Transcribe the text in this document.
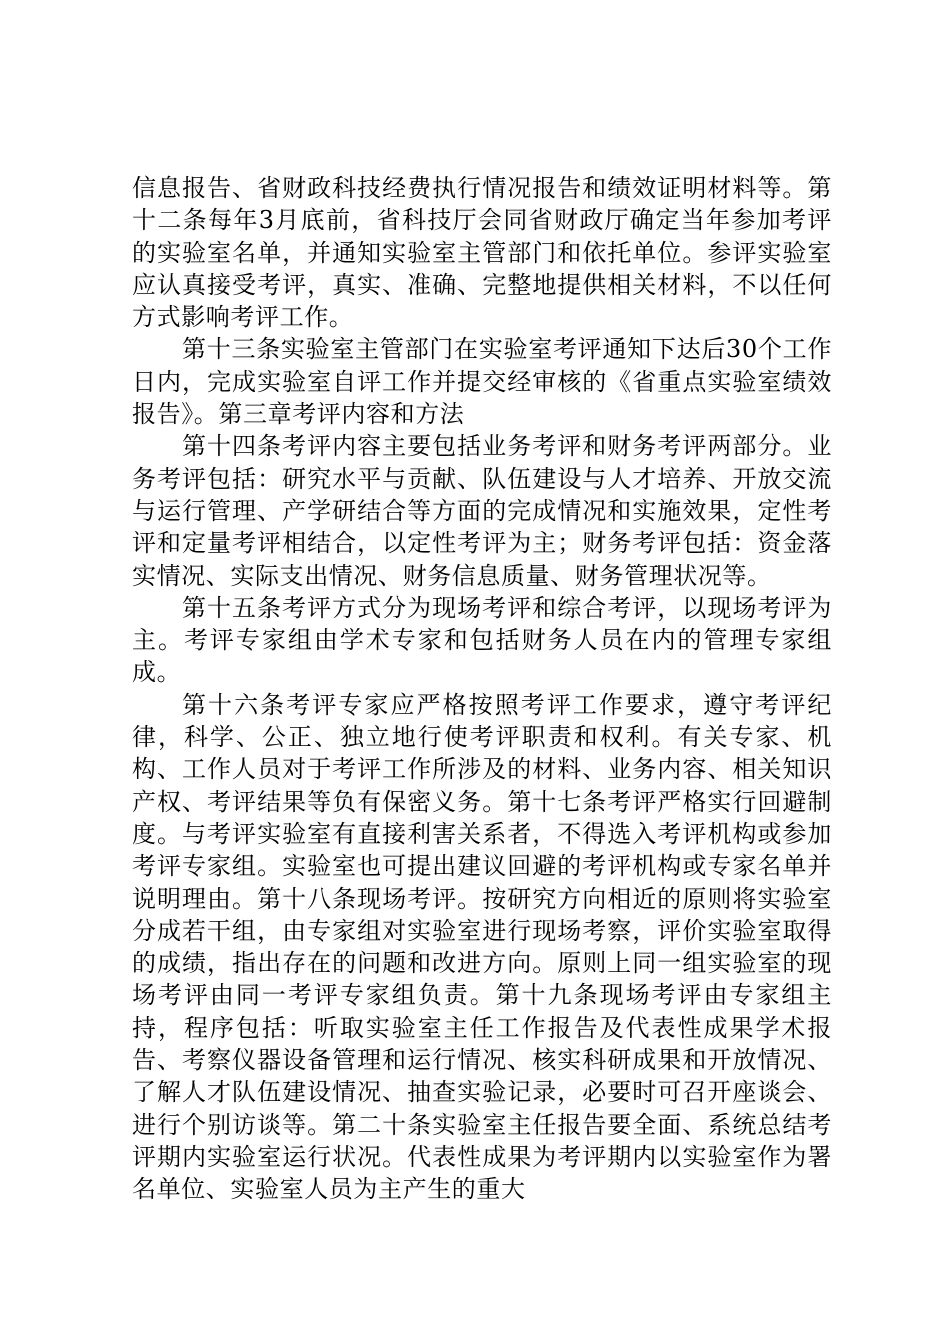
信息报告、省财政科技经费执行情况报告和绩效证明材料等。第十二条每年3月底前，省科技厅会同省财政厅确定当年参加考评的实验室名单，并通知实验室主管部门和依托单位。参评实验室应认真接受考评，真实、准确、完整地提供相关材料，不以任何方式影响考评工作。

第十三条实验室主管部门在实验室考评通知下达后30个工作日内，完成实验室自评工作并提交经审核的《省重点实验室绩效报告》。第三章考评内容和方法

第十四条考评内容主要包括业务考评和财务考评两部分。业务考评包括：研究水平与贡献、队伍建设与人才培养、开放交流与运行管理、产学研结合等方面的完成情况和实施效果，定性考评和定量考评相结合，以定性考评为主；财务考评包括：资金落实情况、实际支出情况、财务信息质量、财务管理状况等。

第十五条考评方式分为现场考评和综合考评，以现场考评为主。考评专家组由学术专家和包括财务人员在内的管理专家组成。

第十六条考评专家应严格按照考评工作要求，遵守考评纪律，科学、公正、独立地行使考评职责和权利。有关专家、机构、工作人员对于考评工作所涉及的材料、业务内容、相关知识产权、考评结果等负有保密义务。第十七条考评严格实行回避制度。与考评实验室有直接利害关系者，不得选入考评机构或参加考评专家组。实验室也可提出建议回避的考评机构或专家名单并说明理由。第十八条现场考评。按研究方向相近的原则将实验室分成若干组，由专家组对实验室进行现场考察，评价实验室取得的成绩，指出存在的问题和改进方向。原则上同一组实验室的现场考评由同一考评专家组负责。第十九条现场考评由专家组主持，程序包括：听取实验室主任工作报告及代表性成果学术报告、考察仪器设备管理和运行情况、核实科研成果和开放情况、了解人才队伍建设情况、抽查实验记录，必要时可召开座谈会、进行个别访谈等。第二十条实验室主任报告要全面、系统总结考评期内实验室运行状况。代表性成果为考评期内以实验室作为署名单位、实验室人员为主产生的重大
